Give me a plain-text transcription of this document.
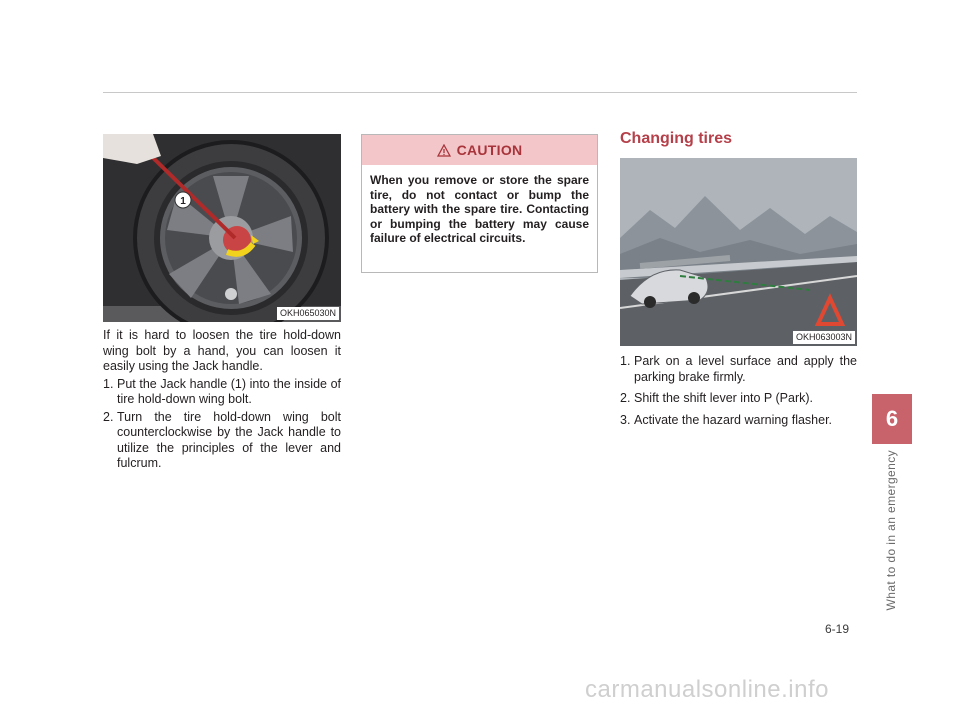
1
OKH065030N

If it is hard to loosen the tire hold-down wing bolt by a hand, you can loosen it easily using the Jack handle.

1. Put the Jack handle (1) into the inside of tire hold-down wing bolt.
2. Turn the tire hold-down wing bolt counterclockwise by the Jack handle to utilize the principles of the lever and fulcrum.
CAUTION
When you remove or store the spare tire, do not contact or bump the battery with the spare tire. Contacting or bumping the battery may cause failure of electrical circuits.
Changing tires
OKH063003N
1. Park on a level surface and apply the parking brake firmly.
2. Shift the shift lever into P (Park).
3. Activate the hazard warning flasher.	6
What to do in an emergency
6-19
carmanualsonline.info
